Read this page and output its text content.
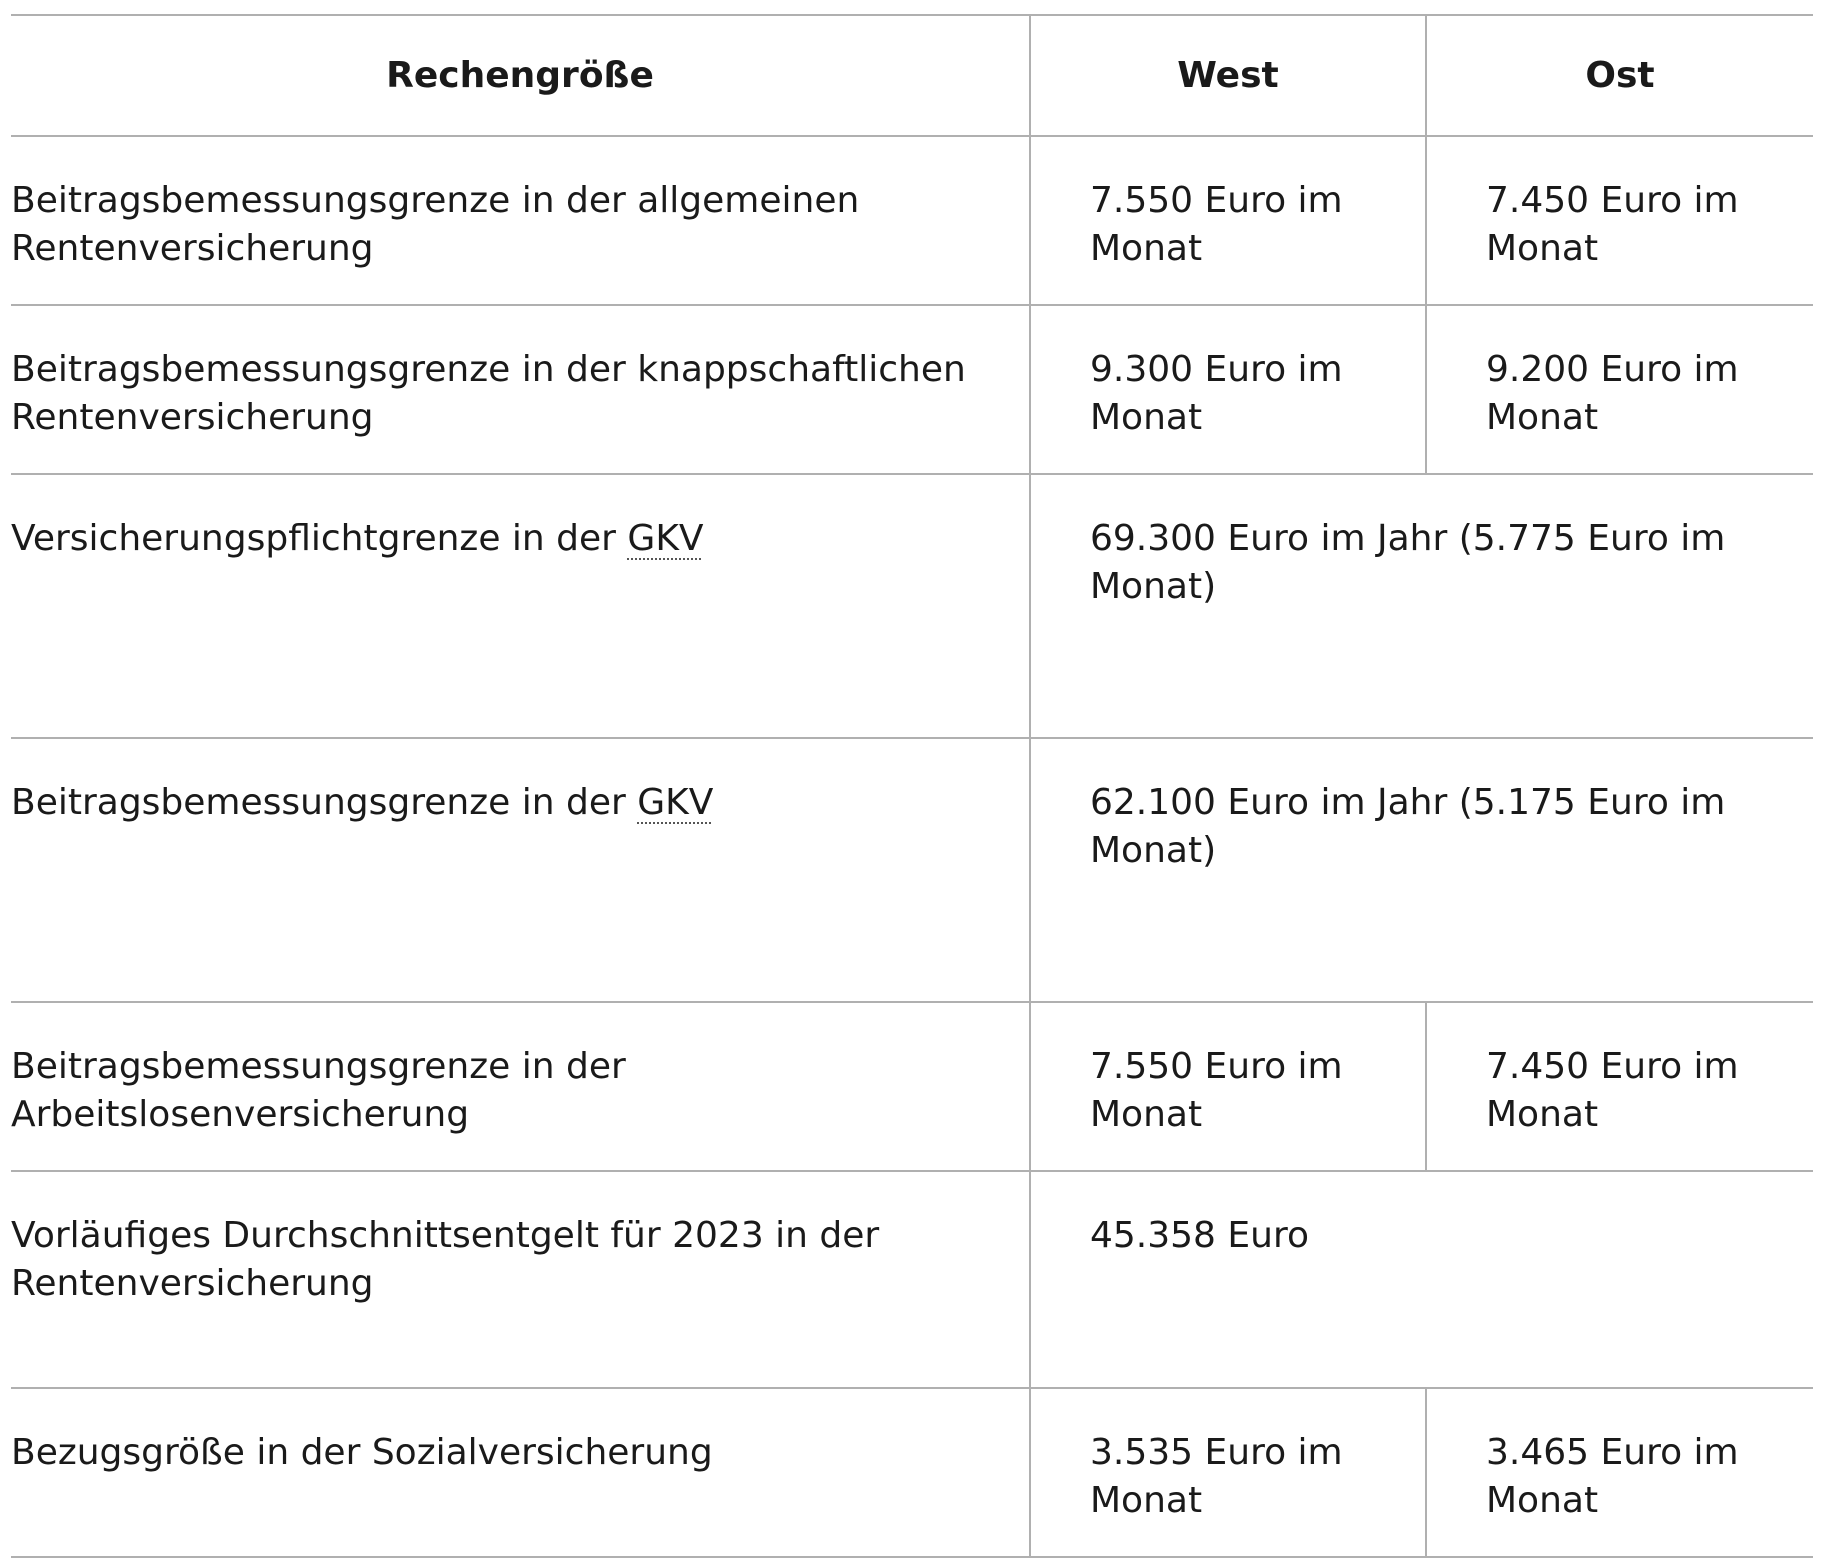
Rechengröße	West	Ost
Beitragsbemessungsgrenze in der allgemeinen Rentenversicherung	7.550 Euro im Monat	7.450 Euro im Monat
Beitragsbemessungsgrenze in der knappschaftlichen Rentenversicherung	9.300 Euro im Monat	9.200 Euro im Monat
Versicherungspflichtgrenze in der GKV	69.300 Euro im Jahr (5.775 Euro im Monat)	
Beitragsbemessungsgrenze in der GKV	62.100 Euro im Jahr (5.175 Euro im Monat)	
Beitragsbemessungsgrenze in der Arbeitslosenversicherung	7.550 Euro im Monat	7.450 Euro im Monat
Vorläufiges Durchschnittsentgelt für 2023 in der Rentenversicherung	45.358 Euro	
Bezugsgröße in der Sozialversicherung	3.535 Euro im Monat	3.465 Euro im Monat
